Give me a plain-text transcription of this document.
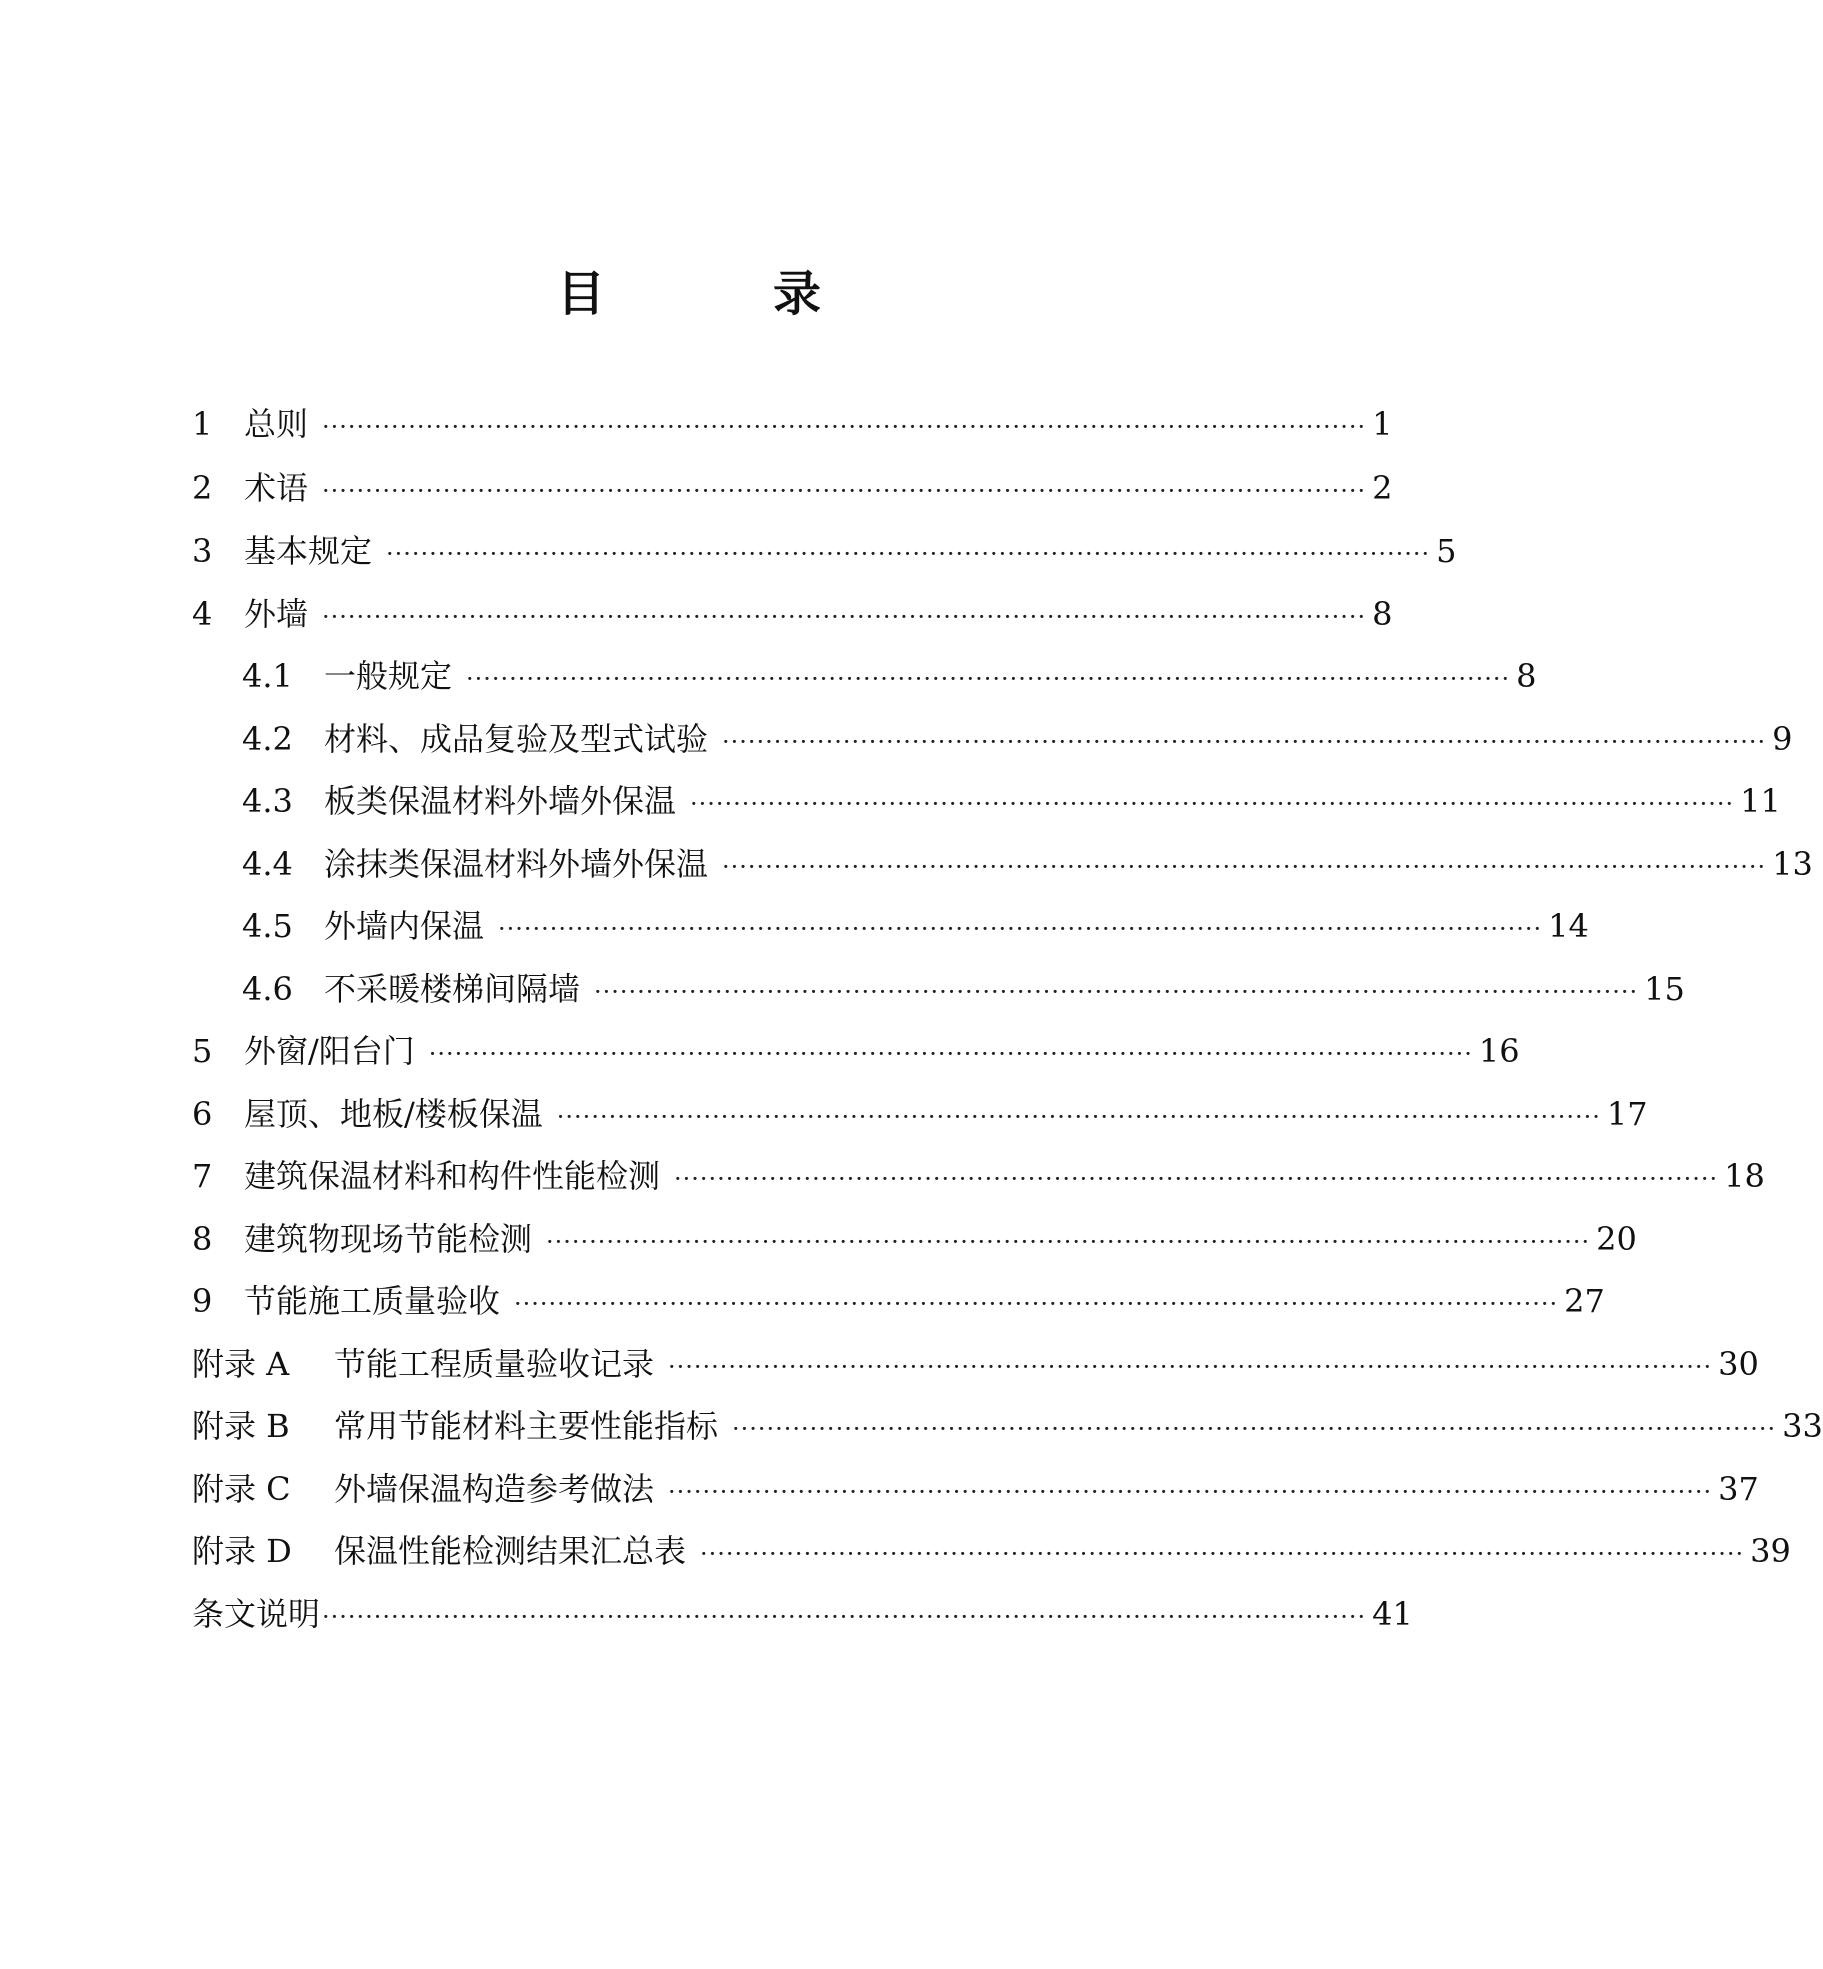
目　录
1 总则 ························································································································· 1
2 术语 ························································································································· 2
3 基本规定 ························································································································· 5
4 外墙 ························································································································· 8
4.1 一般规定 ························································································································· 8
4.2 材料、成品复验及型式试验 ························································································································· 9
4.3 板类保温材料外墙外保温 ························································································································· 11
4.4 涂抹类保温材料外墙外保温 ························································································································· 13
4.5 外墙内保温 ························································································································· 14
4.6 不采暖楼梯间隔墙 ························································································································· 15
5 外窗/阳台门 ························································································································· 16
6 屋顶、地板/楼板保温 ························································································································· 17
7 建筑保温材料和构件性能检测 ························································································································· 18
8 建筑物现场节能检测 ························································································································· 20
9 节能施工质量验收 ························································································································· 27
附录 A	节能工程质量验收记录 ························································································································· 30
附录 B	常用节能材料主要性能指标 ························································································································· 33
附录 C	外墙保温构造参考做法 ························································································································· 37
附录 D	保温性能检测结果汇总表 ························································································································· 39
条文说明 ························································································································· 41
